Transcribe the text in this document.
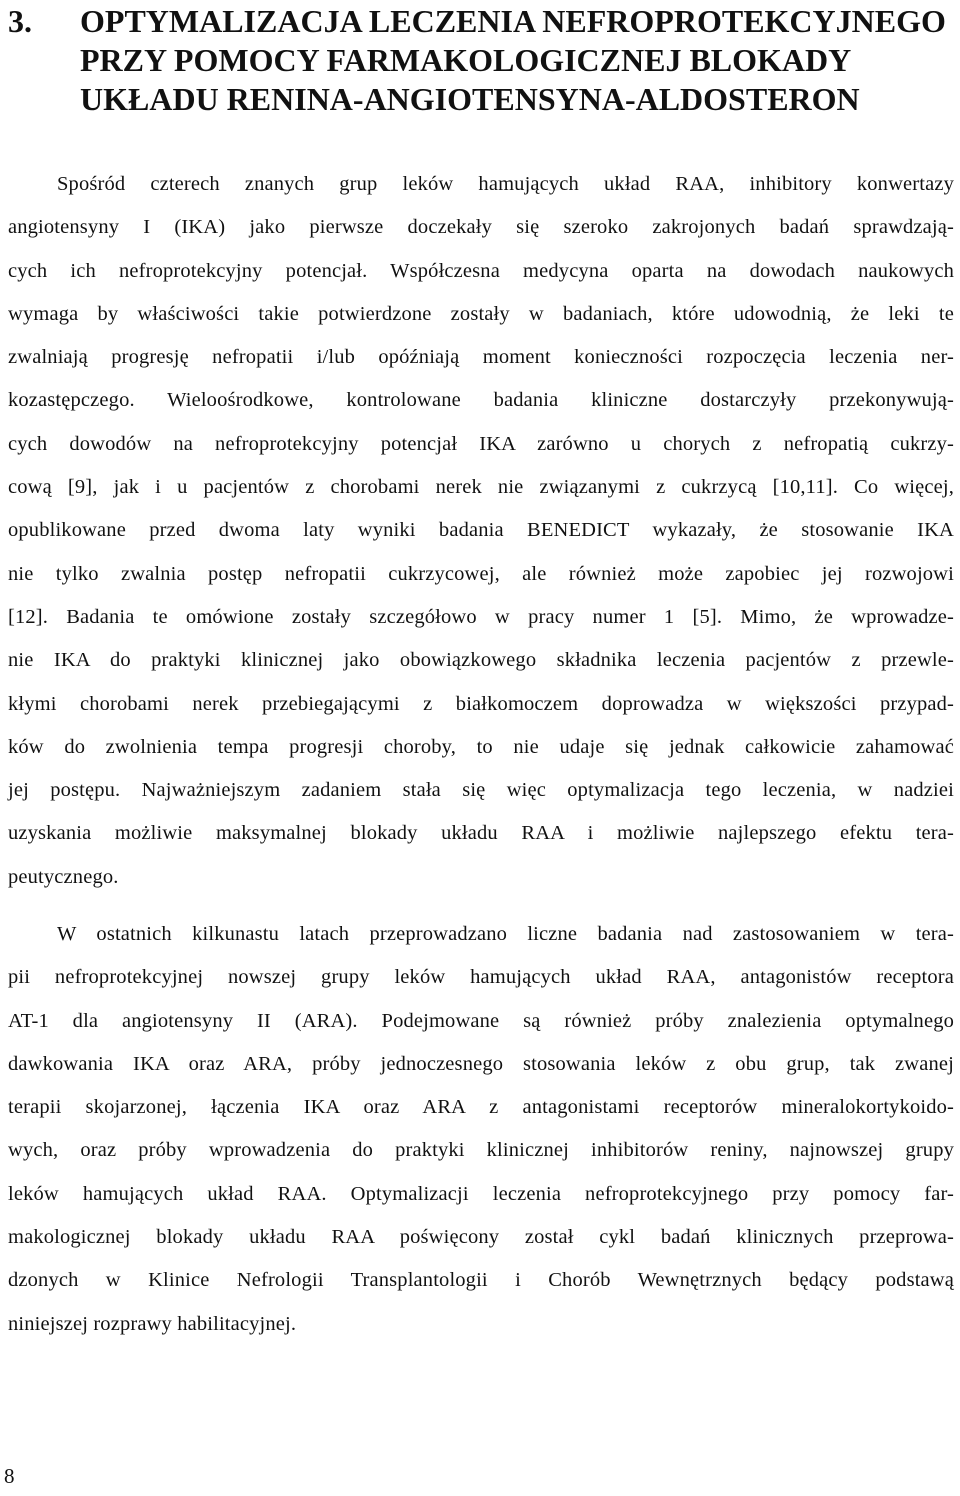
3.	OPTYMALIZACJA LECZENIA NEFROPROTEKCYJNEGO
PRZY POMOCY FARMAKOLOGICZNEJ BLOKADY
UKŁADU RENINA-ANGIOTENSYNA-ALDOSTERON

Spośród czterech znanych grup leków hamujących układ RAA, inhibitory konwertazy
angiotensyny I (IKA) jako pierwsze doczekały się szeroko zakrojonych badań sprawdzają-
cych ich nefroprotekcyjny potencjał. Współczesna medycyna oparta na dowodach naukowych
wymaga by właściwości takie potwierdzone zostały w badaniach, które udowodnią, że leki te
zwalniają progresję nefropatii i/lub opóźniają moment konieczności rozpoczęcia leczenia ner-
kozastępczego. Wieloośrodkowe, kontrolowane badania kliniczne dostarczyły przekonywują-
cych dowodów na nefroprotekcyjny potencjał IKA zarówno u chorych z nefropatią cukrzy-
cową [9], jak i u pacjentów z chorobami nerek nie związanymi z cukrzycą [10,11]. Co więcej,
opublikowane przed dwoma laty wyniki badania BENEDICT wykazały, że stosowanie IKA
nie tylko zwalnia postęp nefropatii cukrzycowej, ale również może zapobiec jej rozwojowi
[12]. Badania te omówione zostały szczegółowo w pracy numer 1 [5]. Mimo, że wprowadze-
nie IKA do praktyki klinicznej jako obowiązkowego składnika leczenia pacjentów z przewle-
kłymi chorobami nerek przebiegającymi z białkomoczem doprowadza w większości przypad-
ków do zwolnienia tempa progresji choroby, to nie udaje się jednak całkowicie zahamować
jej postępu. Najważniejszym zadaniem stała się więc optymalizacja tego leczenia, w nadziei
uzyskania możliwie maksymalnej blokady układu RAA i możliwie najlepszego efektu tera-
peutycznego.

W ostatnich kilkunastu latach przeprowadzano liczne badania nad zastosowaniem w tera-
pii nefroprotekcyjnej nowszej grupy leków hamujących układ RAA, antagonistów receptora
AT-1 dla angiotensyny II (ARA). Podejmowane są również próby znalezienia optymalnego
dawkowania IKA oraz ARA, próby jednoczesnego stosowania leków z obu grup, tak zwanej
terapii skojarzonej, łączenia IKA oraz ARA z antagonistami receptorów mineralokortykoido-
wych, oraz próby wprowadzenia do praktyki klinicznej inhibitorów reniny, najnowszej grupy
leków hamujących układ RAA. Optymalizacji leczenia nefroprotekcyjnego przy pomocy far-
makologicznej blokady układu RAA poświęcony został cykl badań klinicznych przeprowa-
dzonych w Klinice Nefrologii Transplantologii i Chorób Wewnętrznych będący podstawą
niniejszej rozprawy habilitacyjnej.

8
